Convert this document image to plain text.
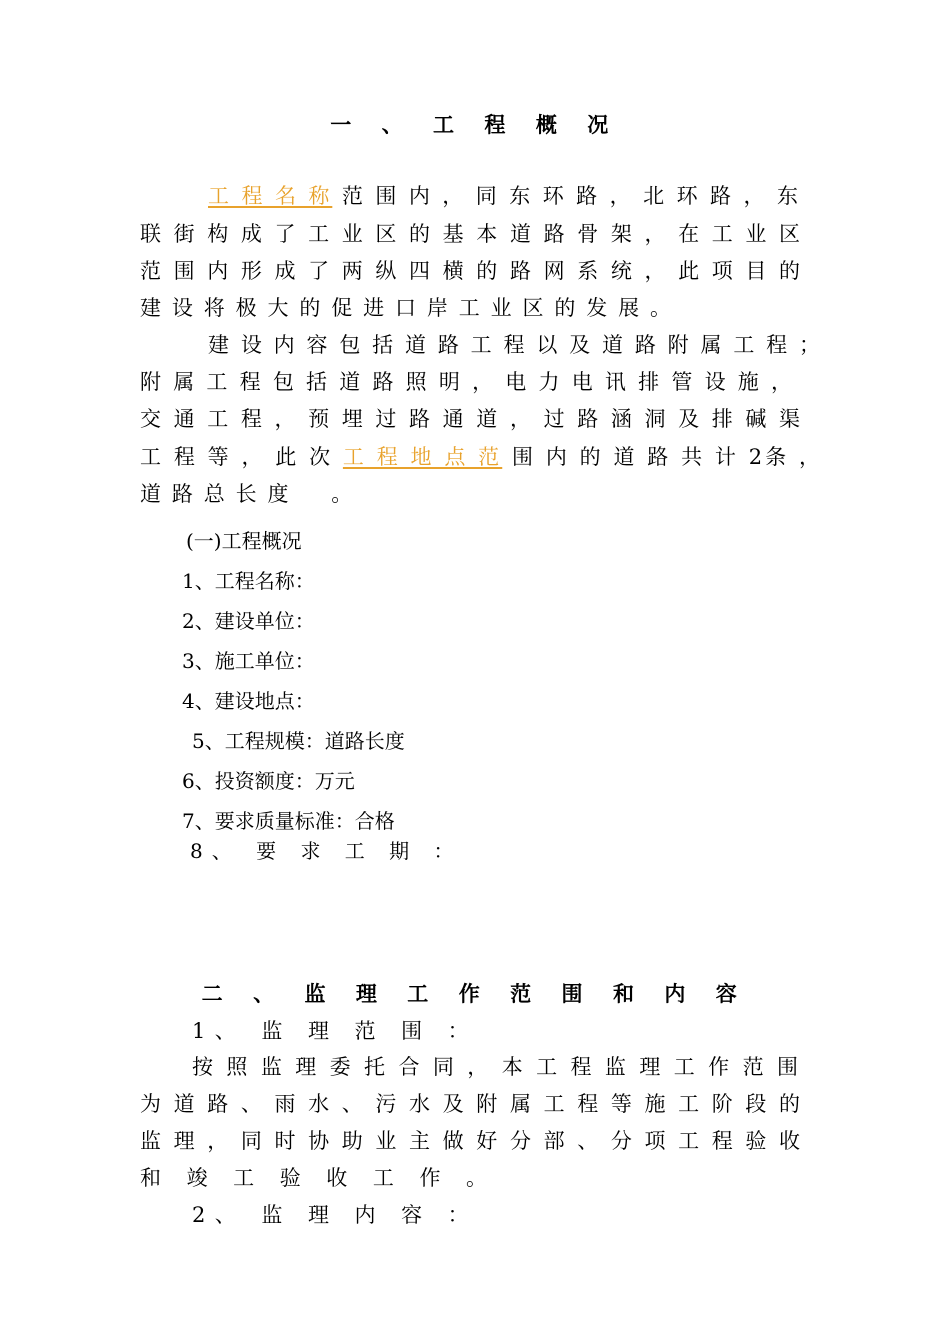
一 、 工 程 概 况
工 程 名 称 范 围 内 ， 同 东 环 路 ， 北 环 路 ， 东
联 街 构 成 了 工 业 区 的 基 本 道 路 骨 架 ， 在 工 业 区
范 围 内 形 成 了 两 纵 四 横 的 路 网 系 统 ， 此 项 目 的
建 设 将 极 大 的 促 进 口 岸 工 业 区 的 发 展 。
建 设 内 容 包 括 道 路 工 程 以 及 道 路 附 属 工 程 ；
附 属 工 程 包 括 道 路 照 明 ， 电 力 电 讯 排 管 设 施 ，
交 通 工 程 ， 预 埋 过 路 通 道 ， 过 路 涵 洞 及 排 碱 渠
工 程 等 ， 此 次 工 程 地 点 范 围 内 的 道 路 共 计 2条 ，
道 路 总 长 度 　 。
(一)工程概况
1、工程名称：
2、建设单位：
3、施工单位：
4、建设地点：
5、工程规模：道路长度
6、投资额度：万元
7、要求质量标准：合格
8、 要 求 工 期 ：
二 、 监 理 工 作 范 围 和 内 容
1、 监 理 范 围 ：
按 照 监 理 委 托 合 同 ， 本 工 程 监 理 工 作 范 围
为 道 路 、 雨 水 、 污 水 及 附 属 工 程 等 施 工 阶 段 的
监 理 ， 同 时 协 助 业 主 做 好 分 部 、 分 项 工 程 验 收
和 竣 工 验 收 工 作 。
2、 监 理 内 容 ：
